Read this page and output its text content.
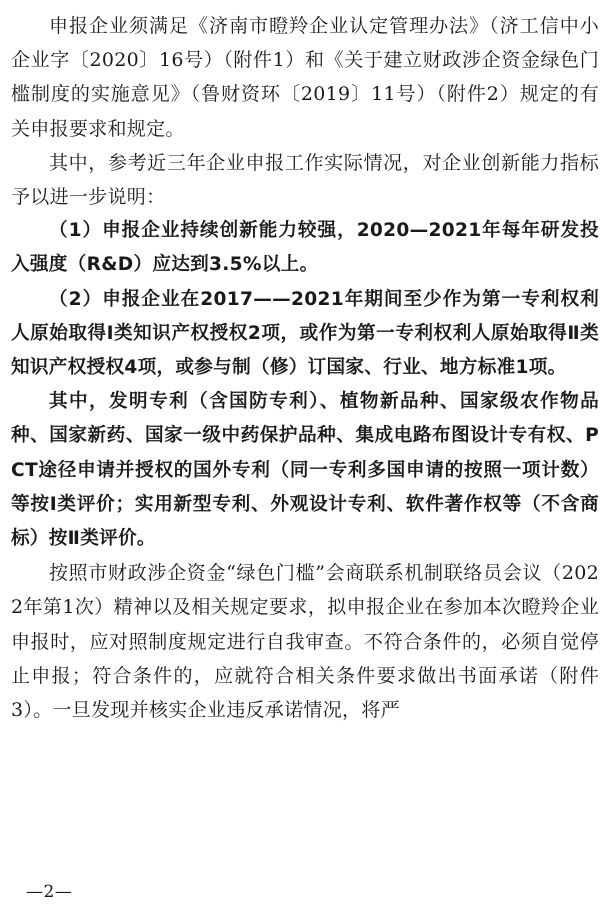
申报企业须满足《济南市瞪羚企业认定管理办法》（济工信中小企业字〔2020〕16号）（附件1）和《关于建立财政涉企资金绿色门槛制度的实施意见》（鲁财资环〔2019〕11号）（附件2）规定的有关申报要求和规定。

其中，参考近三年企业申报工作实际情况，对企业创新能力指标予以进一步说明：

（1）申报企业持续创新能力较强，2020—2021年每年研发投入强度（R&D）应达到3.5%以上。

（2）申报企业在2017——2021年期间至少作为第一专利权利人原始取得Ⅰ类知识产权授权2项，或作为第一专利权利人原始取得Ⅱ类知识产权授权4项，或参与制（修）订国家、行业、地方标准1项。

其中，发明专利（含国防专利）、植物新品种、国家级农作物品种、国家新药、国家一级中药保护品种、集成电路布图设计专有权、PCT途径申请并授权的国外专利（同一专利多国申请的按照一项计数）等按Ⅰ类评价；实用新型专利、外观设计专利、软件著作权等（不含商标）按Ⅱ类评价。

按照市财政涉企资金“绿色门槛”会商联系机制联络员会议（2022年第1次）精神以及相关规定要求，拟申报企业在参加本次瞪羚企业申报时，应对照制度规定进行自我审查。不符合条件的，必须自觉停止申报；符合条件的，应就符合相关条件要求做出书面承诺（附件3）。一旦发现并核实企业违反承诺情况，将严

—2—
